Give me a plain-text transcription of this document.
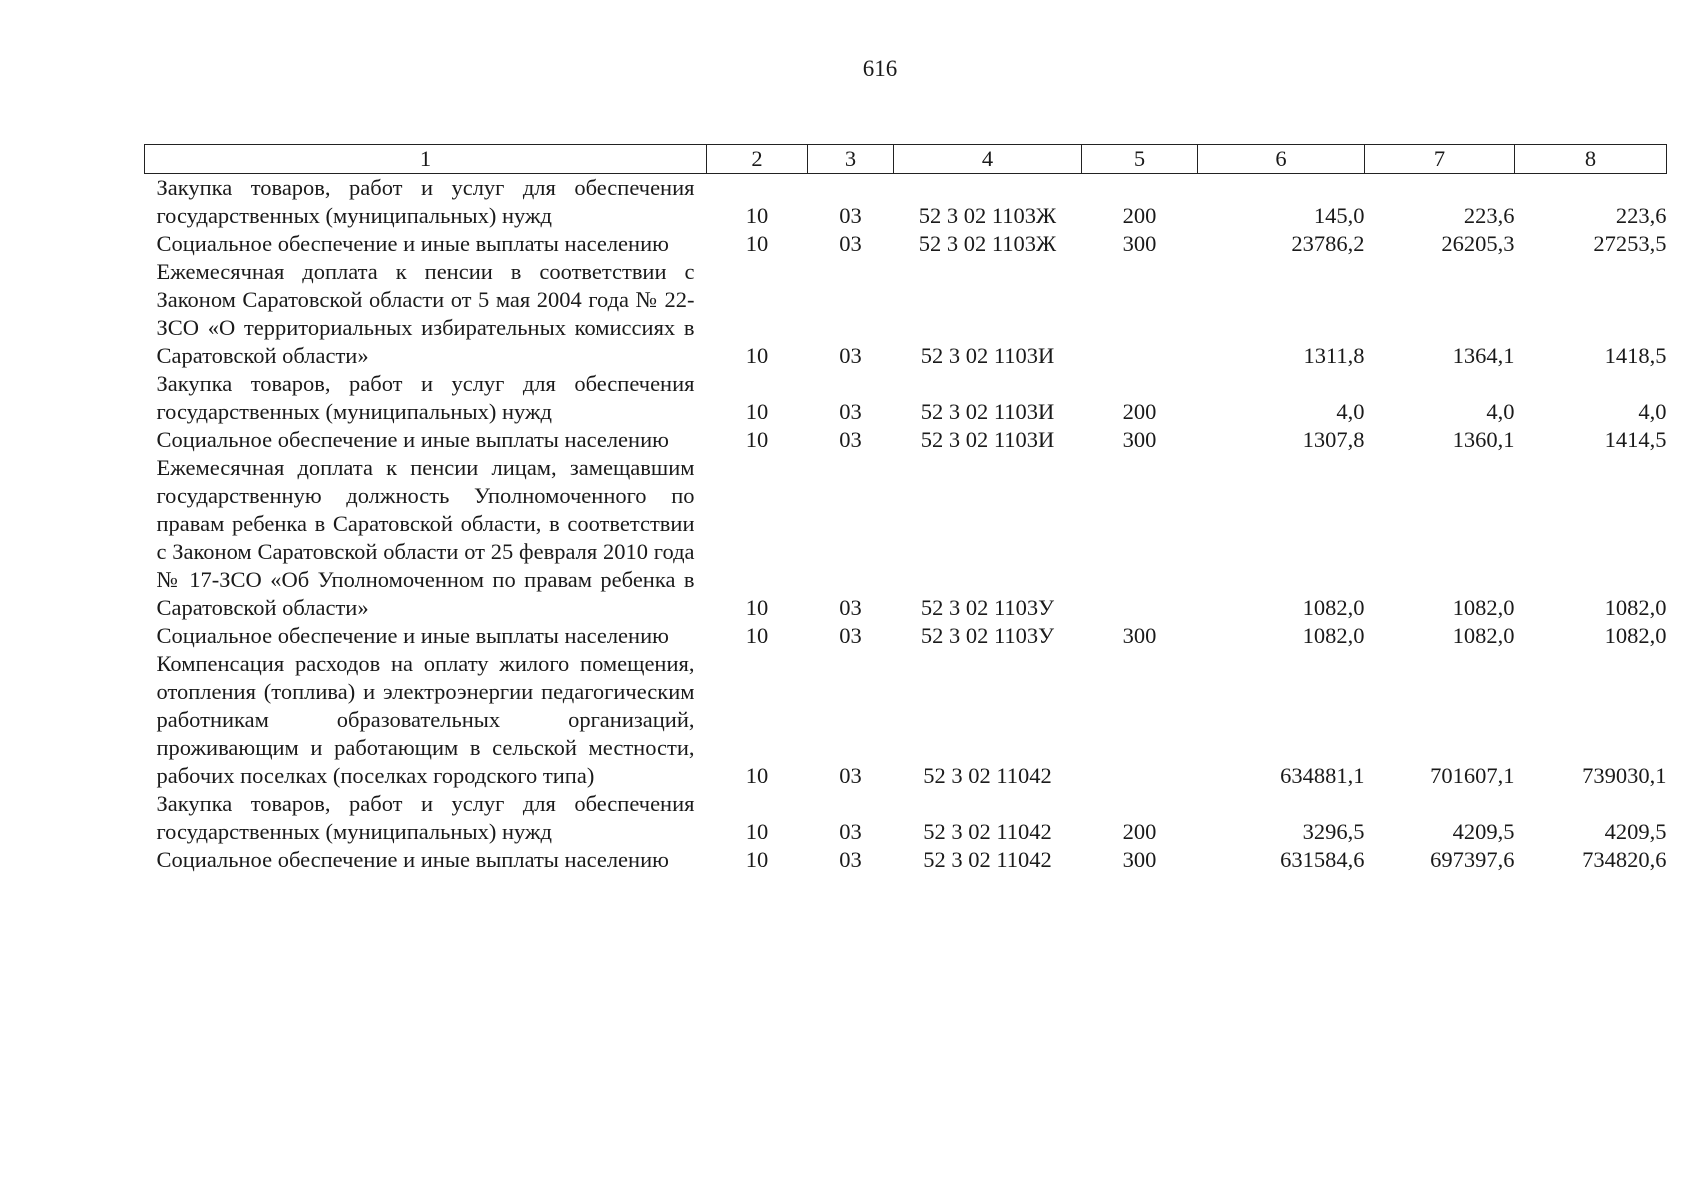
616
1	2	3	4	5	6	7	8
Закупка товаров, работ и услуг для обеспечения государственных (муниципальных) нужд	10	03	52 3 02 1103Ж	200	145,0	223,6	223,6
Социальное обеспечение и иные выплаты населению	10	03	52 3 02 1103Ж	300	23786,2	26205,3	27253,5
Ежемесячная доплата к пенсии в соответствии с Законом Саратовской области от 5 мая 2004 года № 22-ЗСО «О территориальных избирательных комиссиях в Саратовской области»	10	03	52 3 02 1103И		1311,8	1364,1	1418,5
Закупка товаров, работ и услуг для обеспечения государственных (муниципальных) нужд	10	03	52 3 02 1103И	200	4,0	4,0	4,0
Социальное обеспечение и иные выплаты населению	10	03	52 3 02 1103И	300	1307,8	1360,1	1414,5
Ежемесячная доплата к пенсии лицам, замещавшим государственную должность Уполномоченного по правам ребенка в Саратовской области, в соответствии с Законом Саратовской области от 25 февраля 2010 года № 17-ЗСО «Об Уполномоченном по правам ребенка в Саратовской области»	10	03	52 3 02 1103У		1082,0	1082,0	1082,0
Социальное обеспечение и иные выплаты населению	10	03	52 3 02 1103У	300	1082,0	1082,0	1082,0
Компенсация расходов на оплату жилого помещения, отопления (топлива) и электроэнергии педагогическим работникам образовательных организаций, проживающим и работающим в сельской местности, рабочих поселках (поселках городского типа)	10	03	52 3 02 11042		634881,1	701607,1	739030,1
Закупка товаров, работ и услуг для обеспечения государственных (муниципальных) нужд	10	03	52 3 02 11042	200	3296,5	4209,5	4209,5
Социальное обеспечение и иные выплаты населению	10	03	52 3 02 11042	300	631584,6	697397,6	734820,6
